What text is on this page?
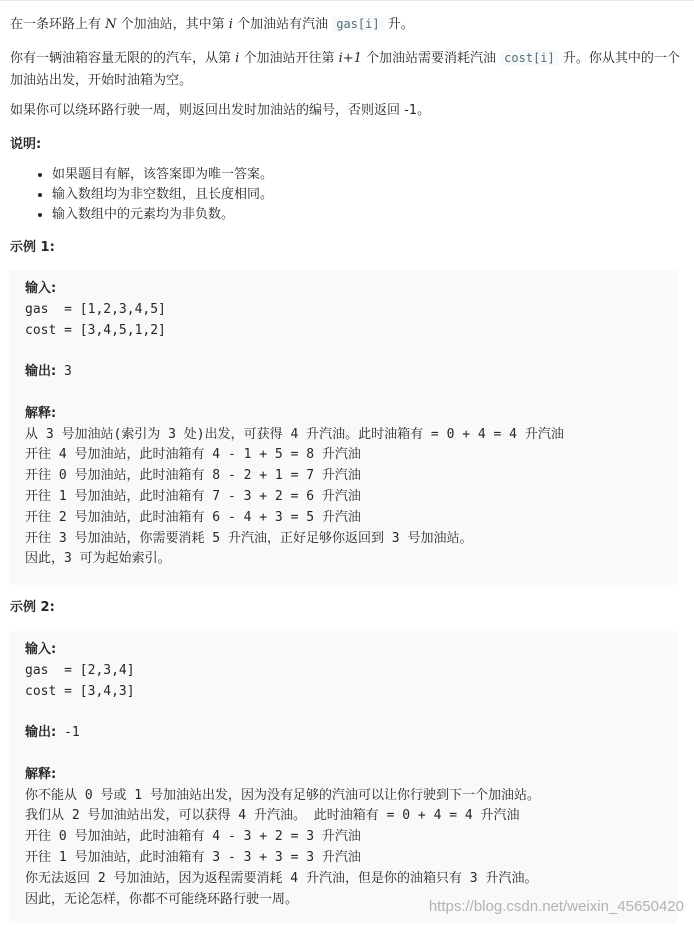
在一条环路上有 N 个加油站，其中第 i 个加油站有汽油 gas[i] 升。

你有一辆油箱容量无限的的汽车，从第 i 个加油站开往第 i+1 个加油站需要消耗汽油 cost[i] 升。你从其中的一个加油站出发，开始时油箱为空。

如果你可以绕环路行驶一周，则返回出发时加油站的编号，否则返回 -1。

说明:
• 如果题目有解，该答案即为唯一答案。
• 输入数组均为非空数组，且长度相同。
• 输入数组中的元素均为非负数。
示例 1:
输入:
gas  = [1,2,3,4,5]
cost = [3,4,5,1,2]
输出: 3
解释:
从 3 号加油站(索引为 3 处)出发，可获得 4 升汽油。此时油箱有 = 0 + 4 = 4 升汽油
开往 4 号加油站，此时油箱有 4 - 1 + 5 = 8 升汽油
开往 0 号加油站，此时油箱有 8 - 2 + 1 = 7 升汽油
开往 1 号加油站，此时油箱有 7 - 3 + 2 = 6 升汽油
开往 2 号加油站，此时油箱有 6 - 4 + 3 = 5 升汽油
开往 3 号加油站，你需要消耗 5 升汽油，正好足够你返回到 3 号加油站。
因此，3 可为起始索引。
示例 2:
输入:
gas  = [2,3,4]
cost = [3,4,3]
输出: -1
解释:
你不能从 0 号或 1 号加油站出发，因为没有足够的汽油可以让你行驶到下一个加油站。
我们从 2 号加油站出发，可以获得 4 升汽油。 此时油箱有 = 0 + 4 = 4 升汽油
开往 0 号加油站，此时油箱有 4 - 3 + 2 = 3 升汽油
开往 1 号加油站，此时油箱有 3 - 3 + 3 = 3 升汽油
你无法返回 2 号加油站，因为返程需要消耗 4 升汽油，但是你的油箱只有 3 升汽油。
因此，无论怎样，你都不可能绕环路行驶一周。	https://blog.csdn.net/weixin_45650420
